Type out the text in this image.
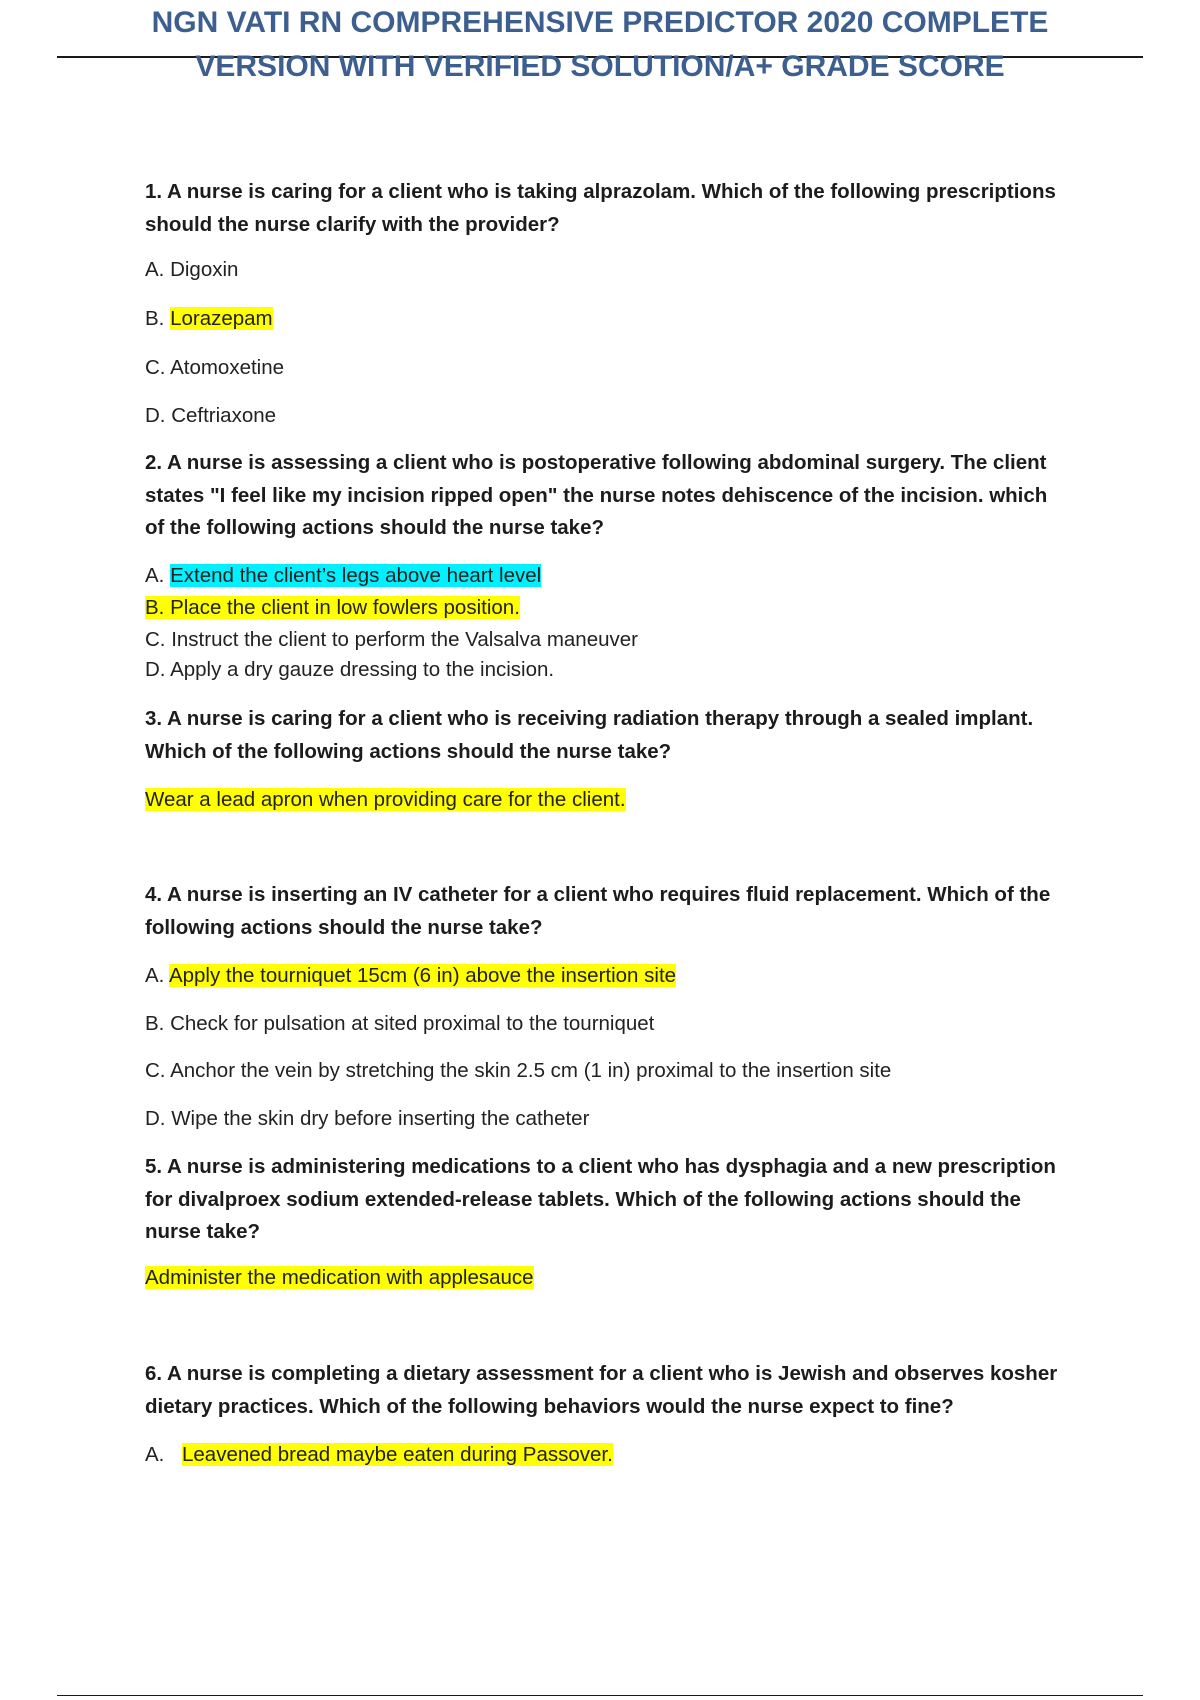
NGN VATI RN COMPREHENSIVE PREDICTOR 2020 COMPLETE
VERSION WITH VERIFIED SOLUTION/A+ GRADE SCORE
1. A nurse is caring for a client who is taking alprazolam. Which of the following prescriptions
should the nurse clarify with the provider?
A. Digoxin
B. Lorazepam
C. Atomoxetine
D. Ceftriaxone
2. A nurse is assessing a client who is postoperative following abdominal surgery. The client
states "I feel like my incision ripped open" the nurse notes dehiscence of the incision. which
of the following actions should the nurse take?
A. Extend the client’s legs above heart level
B. Place the client in low fowlers position.
C. Instruct the client to perform the Valsalva maneuver
D. Apply a dry gauze dressing to the incision.
3. A nurse is caring for a client who is receiving radiation therapy through a sealed implant.
Which of the following actions should the nurse take?
Wear a lead apron when providing care for the client.
4. A nurse is inserting an IV catheter for a client who requires fluid replacement. Which of the
following actions should the nurse take?
A. Apply the tourniquet 15cm (6 in) above the insertion site
B. Check for pulsation at sited proximal to the tourniquet
C. Anchor the vein by stretching the skin 2.5 cm (1 in) proximal to the insertion site
D. Wipe the skin dry before inserting the catheter
5. A nurse is administering medications to a client who has dysphagia and a new prescription
for divalproex sodium extended-release tablets. Which of the following actions should the
nurse take?
Administer the medication with applesauce
6. A nurse is completing a dietary assessment for a client who is Jewish and observes kosher
dietary practices. Which of the following behaviors would the nurse expect to fine?
A. Leavened bread maybe eaten during Passover.
